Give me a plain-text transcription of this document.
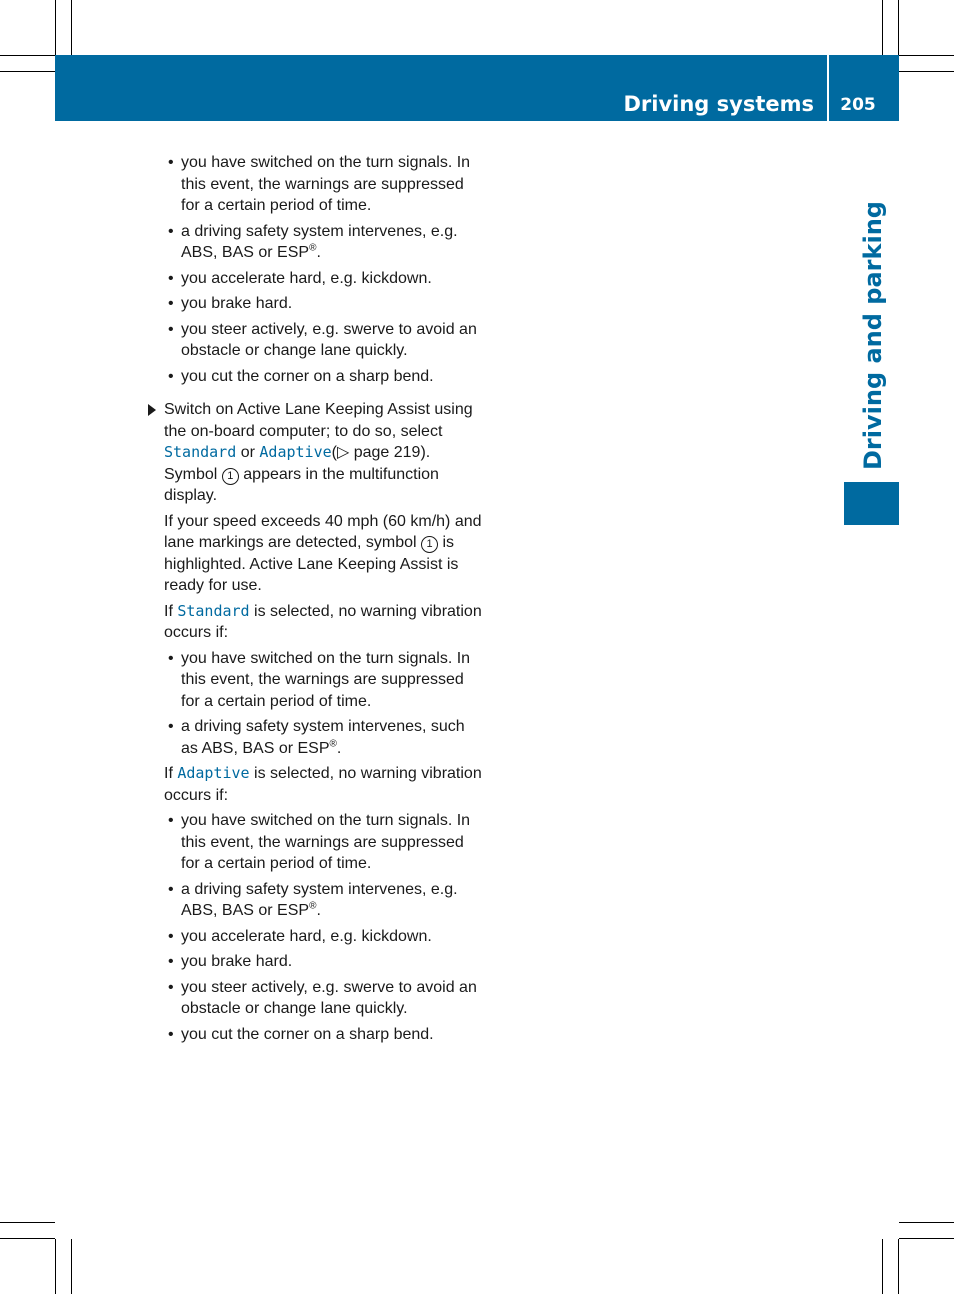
Driving systems	205
Driving and parking
• you have switched on the turn signals. In this event, the warnings are suppressed for a certain period of time.
• a driving safety system intervenes, e.g. ABS, BAS or ESP®.
• you accelerate hard, e.g. kickdown.
• you brake hard.
• you steer actively, e.g. swerve to avoid an obstacle or change lane quickly.
• you cut the corner on a sharp bend.
Switch on Active Lane Keeping Assist using the on-board computer; to do so, select Standard or Adaptive(▷ page 219). Symbol 1 appears in the multifunction display.
If your speed exceeds 40 mph (60 km/h) and lane markings are detected, symbol 1 is highlighted. Active Lane Keeping Assist is ready for use.
If Standard is selected, no warning vibration occurs if:
• you have switched on the turn signals. In this event, the warnings are suppressed for a certain period of time.
• a driving safety system intervenes, such as ABS, BAS or ESP®.
If Adaptive is selected, no warning vibration occurs if:
• you have switched on the turn signals. In this event, the warnings are suppressed for a certain period of time.
• a driving safety system intervenes, e.g. ABS, BAS or ESP®.
• you accelerate hard, e.g. kickdown.
• you brake hard.
• you steer actively, e.g. swerve to avoid an obstacle or change lane quickly.
• you cut the corner on a sharp bend.
